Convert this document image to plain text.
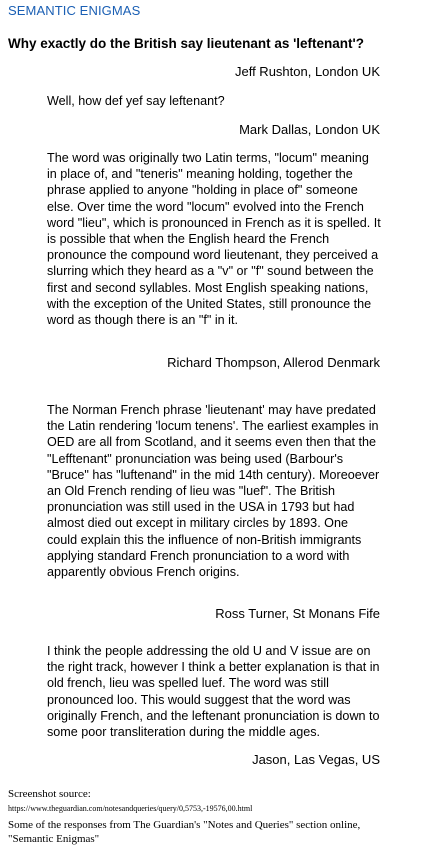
SEMANTIC ENIGMAS
Why exactly do the British say lieutenant as 'leftenant'?
Jeff Rushton, London UK
Well, how def yef say leftenant?
Mark Dallas, London UK
The word was originally two Latin terms, "locum" meaning in place of, and "teneris" meaning holding, together the phrase applied to anyone "holding in place of" someone else. Over time the word "locum" evolved into the French word "lieu", which is pronounced in French as it is spelled. It is possible that when the English heard the French pronounce the compound word lieutenant, they perceived a slurring which they heard as a "v" or "f" sound between the first and second syllables. Most English speaking nations, with the exception of the United States, still pronounce the word as though there is an "f" in it.
Richard Thompson, Allerod Denmark
The Norman French phrase 'lieutenant' may have predated the Latin rendering 'locum tenens'. The earliest examples in OED are all from Scotland, and it seems even then that the "Lefftenant" pronunciation was being used (Barbour's "Bruce" has "luftenand" in the mid 14th century). Moreoever an Old French rending of lieu was "luef". The British pronunciation was still used in the USA in 1793 but had almost died out except in military circles by 1893. One could explain this the influence of non-British immigrants applying standard French pronunciation to a word with apparently obvious French origins.
Ross Turner, St Monans Fife
I think the people addressing the old U and V issue are on the right track, however I think a better explanation is that in old french, lieu was spelled luef. The word was still pronounced loo. This would suggest that the word was originally French, and the leftenant pronunciation is down to some poor transliteration during the middle ages.
Jason, Las Vegas, US
Screenshot source:
https://www.theguardian.com/notesandqueries/query/0,5753,-19576,00.html
Some of the responses from The Guardian's "Notes and Queries" section online, "Semantic Enigmas"
